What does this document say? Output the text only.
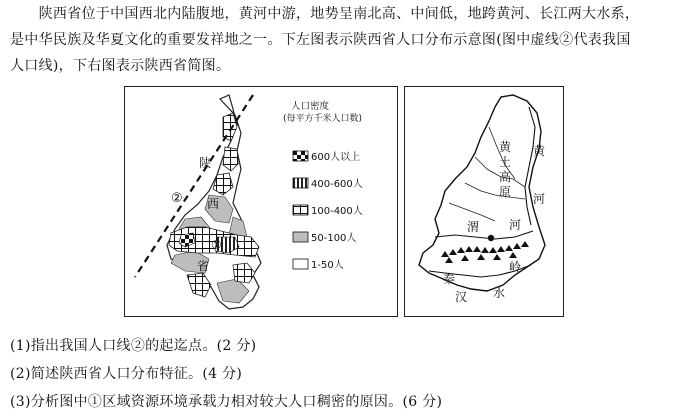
　　陕西省位于中国西北内陆腹地，黄河中游，地势呈南北高、中间低，地跨黄河、长江两大水系，
是中华民族及华夏文化的重要发祥地之一。下左图表示陕西省人口分布示意图(图中虚线②代表我国
人口线)，下右图表示陕西省简图。
②
陕
西
①
省
人口密度
(每平方千米人口数)
600人以上
400-600人
100-400人
50-100人
1-50人
黄
土
高
原
黄
河
渭 河
秦
岭
汉 水
(1)指出我国人口线②的起迄点。(2 分)
(2)简述陕西省人口分布特征。(4 分)
(3)分析图中①区域资源环境承载力相对较大人口稠密的原因。(6 分)
